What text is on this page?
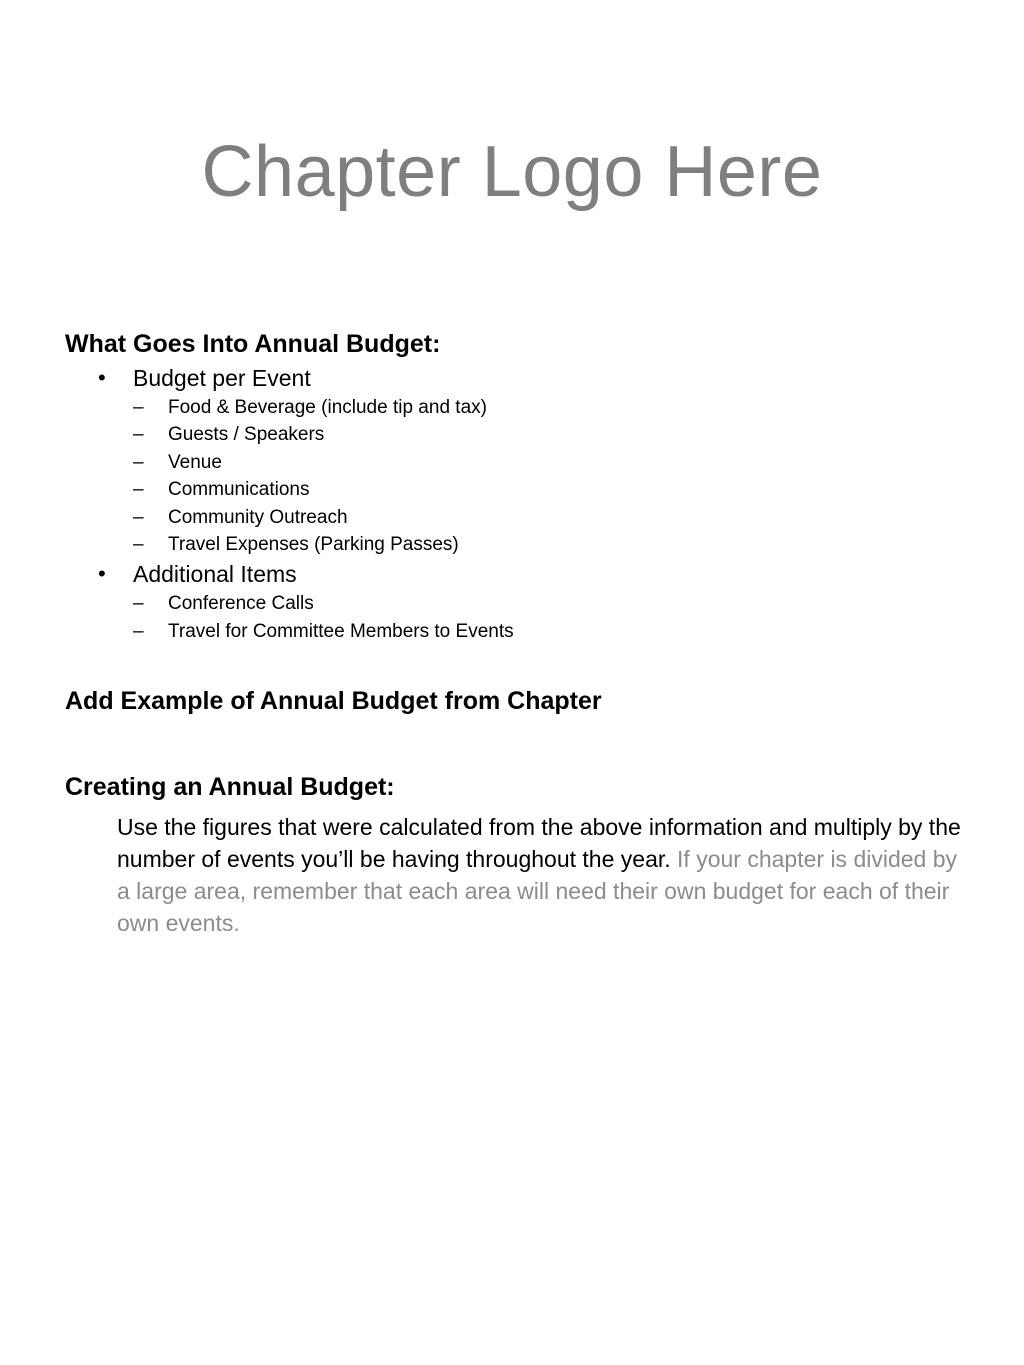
Chapter Logo Here

What Goes Into Annual Budget:

• Budget per Event
– Food & Beverage (include tip and tax)
– Guests / Speakers
– Venue
– Communications
– Community Outreach
– Travel Expenses (Parking Passes)
• Additional Items
– Conference Calls
– Travel for Committee Members to Events

Add Example of Annual Budget from Chapter

Creating an Annual Budget:

Use the figures that were calculated from the above information and multiply by the number of events you’ll be having throughout the year. If your chapter is divided by a large area, remember that each area will need their own budget for each of their own events.
